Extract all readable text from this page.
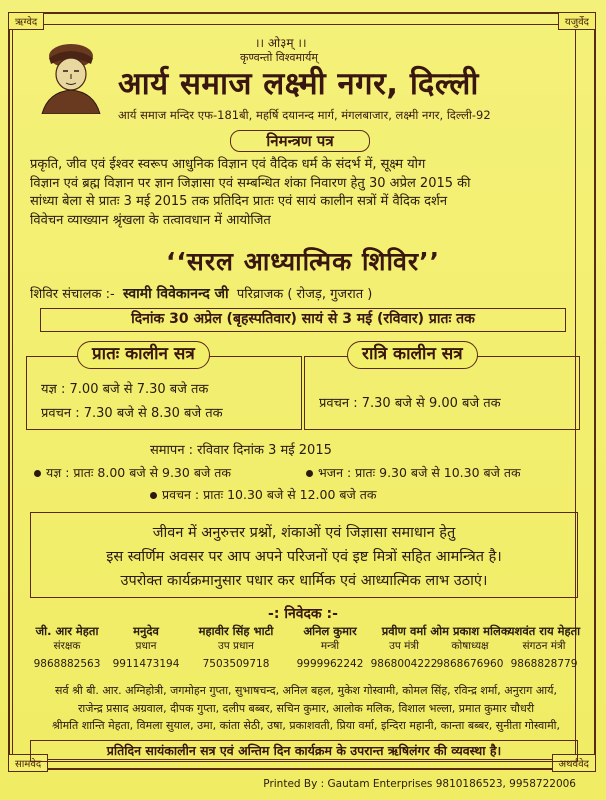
ऋग्वेद	यजुर्वेद
सामवेद	अथर्ववेद
।। ओ३म् ।।
कृण्वन्तो विश्वमार्यम्
आर्य समाज लक्ष्मी नगर, दिल्ली
आर्य समाज मन्दिर एफ-181बी, महर्षि दयानन्द मार्ग, मंगलबाजार, लक्ष्मी नगर, दिल्ली-92
निमन्त्रण पत्र
प्रकृति, जीव एवं ईश्वर स्वरूप आधुनिक विज्ञान एवं वैदिक धर्म के संदर्भ में, सूक्ष्म योग
विज्ञान एवं ब्रह्म विज्ञान पर ज्ञान जिज्ञासा एवं सम्बन्धित शंका निवारण हेतु 30 अप्रेल 2015 की
सांध्या बेला से प्रातः 3 मई 2015 तक प्रतिदिन प्रातः एवं सायं कालीन सत्रों में वैदिक दर्शन
विवेचन व्याख्यान श्रृंखला के तत्वावधान में आयोजित
‘‘सरल आध्यात्मिक शिविर’’
शिविर संचालक :- स्वामी विवेकानन्द जी परिव्राजक ( रोजड़, गुजरात )
दिनांक 30 अप्रेल (बृहस्पतिवार) सायं से 3 मई (रविवार) प्रातः तक
प्रातः कालीन सत्र
यज्ञ : 7.00 बजे से 7.30 बजे तक
प्रवचन : 7.30 बजे से 8.30 बजे तक
रात्रि कालीन सत्र
प्रवचन : 7.30 बजे से 9.00 बजे तक
समापन : रविवार दिनांक 3 मई 2015
यज्ञ : प्रातः 8.00 बजे से 9.30 बजे तक	भजन : प्रातः 9.30 बजे से 10.30 बजे तक
प्रवचन : प्रातः 10.30 बजे से 12.00 बजे तक
जीवन में अनुरुत्तर प्रश्नों, शंकाओं एवं जिज्ञासा समाधान हेतु
इस स्वर्णिम अवसर पर आप अपने परिजनों एवं इष्ट मित्रों सहित आमन्त्रित है।
उपरोक्त कार्यक्रमानुसार पधार कर धार्मिक एवं आध्यात्मिक लाभ उठाएं।
-: निवेदक :-
जी. आर मेहता
संरक्षक
9868882563
मनुदेव
प्रधान
9911473194
महावीर सिंह भाटी
उप प्रधान
7503509718
अनिल कुमार
मन्त्री
9999962242
प्रवीण वर्मा
उप मंत्री
9868004222
ओम प्रकाश मलिक
कोषाध्यक्ष
9868676960
यशवंत राय मेहता
संगठन मंत्री
9868828779
सर्व श्री बी. आर. अग्निहोत्री, जगमोहन गुप्ता, सुभाषचन्द, अनिल बहल, मुकेश गोस्वामी, कोमल सिंह, रविन्द्र शर्मा, अनुराग आर्य,
राजेन्द्र प्रसाद अग्रवाल, दीपक गुप्ता, दलीप बब्बर, सचिन कुमार, आलोक मलिक, विशाल भल्ला, प्रमात कुमार चौधरी
श्रीमति शान्ति मेहता, विमला सुयाल, उमा, कांता सेठी, उषा, प्रकाशवती, प्रिया वर्मा, इन्दिरा महानी, कान्ता बब्बर, सुनीता गोस्वामी,
प्रतिदिन सायंकालीन सत्र एवं अन्तिम दिन कार्यक्रम के उपरान्त ऋषिलंगर की व्यवस्था है।
Printed By : Gautam Enterprises 9810186523, 9958722006
